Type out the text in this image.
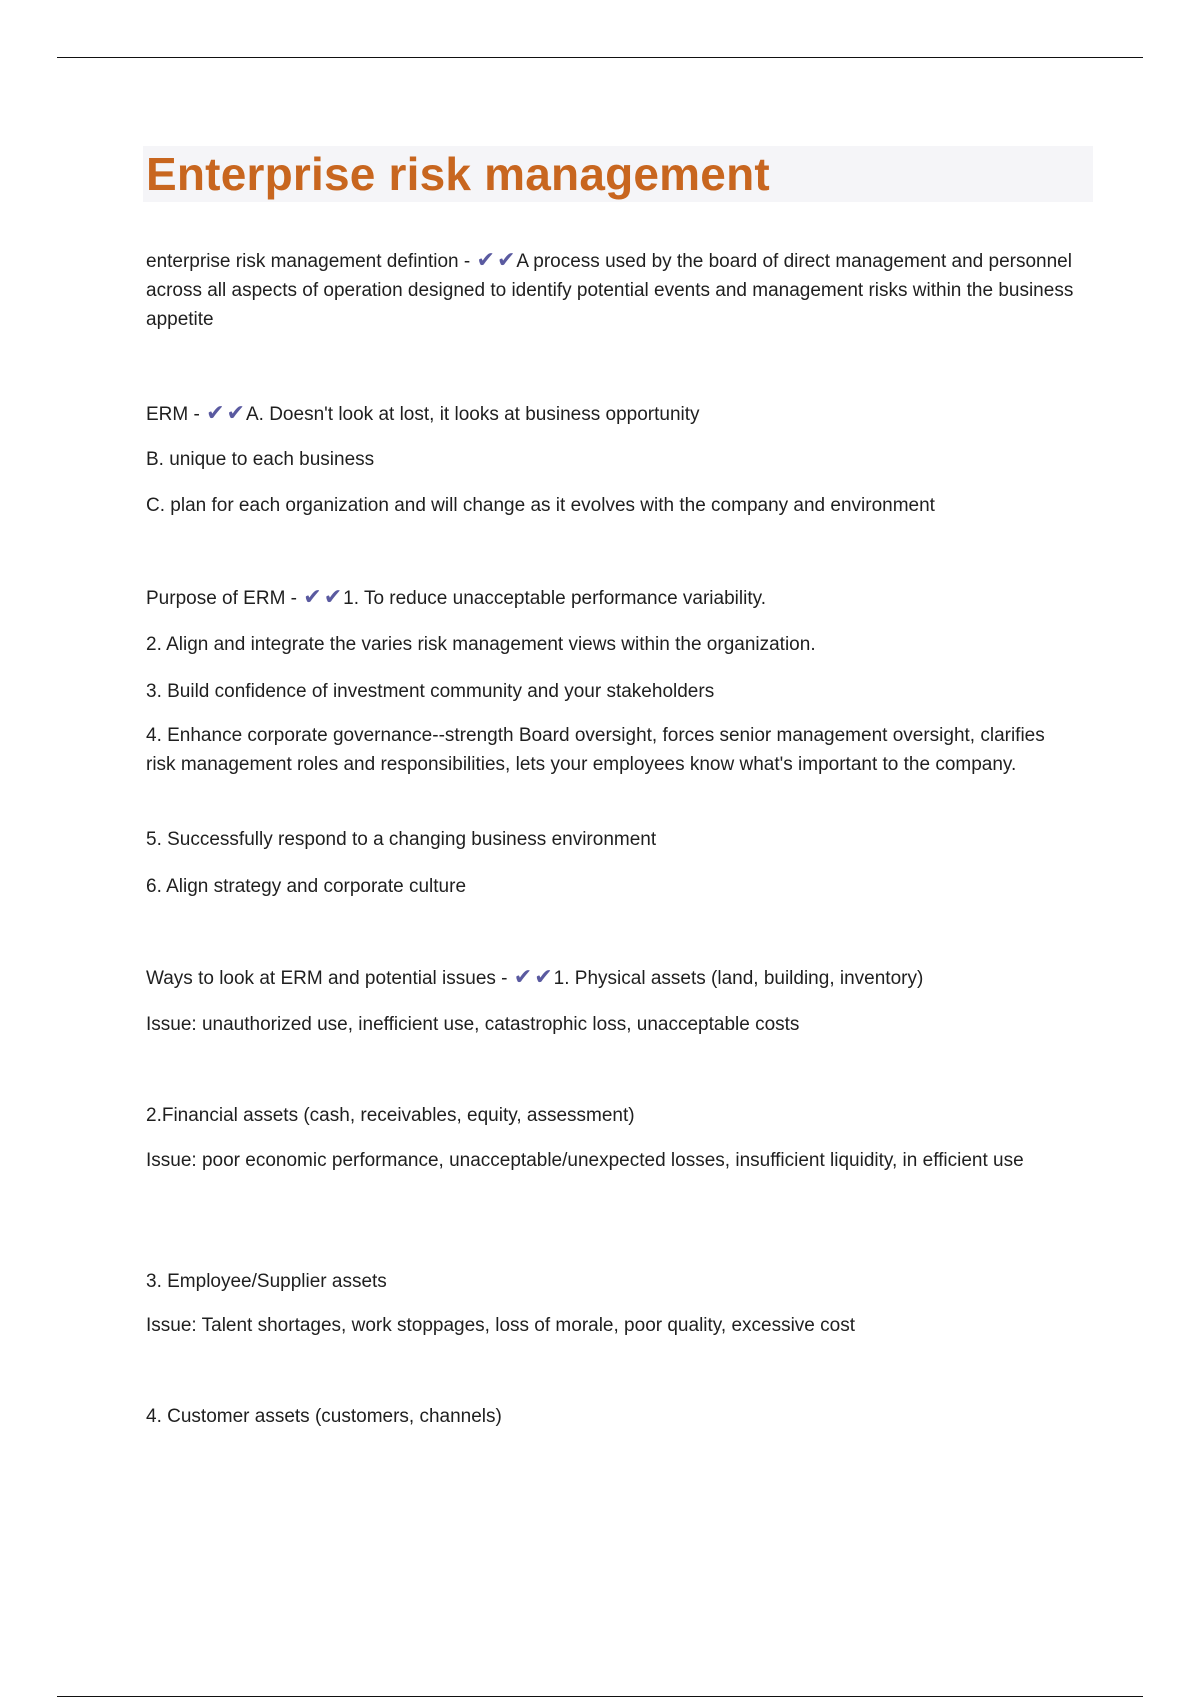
Enterprise risk management

enterprise risk management defintion - ✔✔A process used by the board of direct management and personnel across all aspects of operation designed to identify potential events and management risks within the business appetite

ERM - ✔✔A. Doesn't look at lost, it looks at business opportunity

B. unique to each business

C. plan for each organization and will change as it evolves with the company and environment

Purpose of ERM - ✔✔1. To reduce unacceptable performance variability.

2. Align and integrate the varies risk management views within the organization.

3. Build confidence of investment community and your stakeholders

4. Enhance corporate governance--strength Board oversight, forces senior management oversight, clarifies risk management roles and responsibilities, lets your employees know what's important to the company.

5. Successfully respond to a changing business environment

6. Align strategy and corporate culture

Ways to look at ERM and potential issues - ✔✔1. Physical assets (land, building, inventory)

Issue: unauthorized use, inefficient use, catastrophic loss, unacceptable costs

2.Financial assets (cash, receivables, equity, assessment)

Issue: poor economic performance, unacceptable/unexpected losses, insufficient liquidity, in efficient use

3. Employee/Supplier assets

Issue: Talent shortages, work stoppages, loss of morale, poor quality, excessive cost

4. Customer assets (customers, channels)
